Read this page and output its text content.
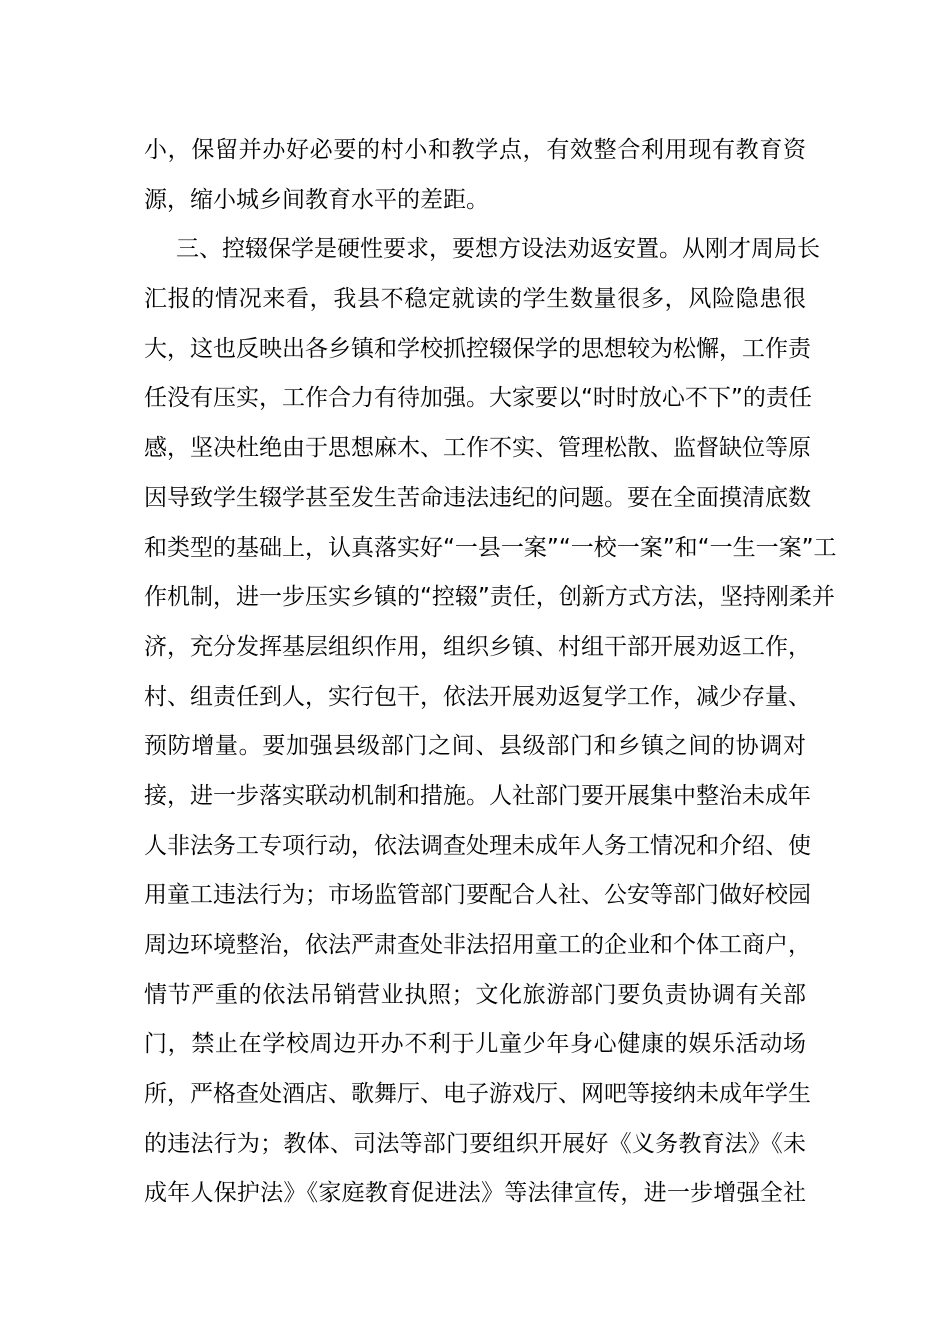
小，保留并办好必要的村小和教学点，有效整合利用现有教育资
源，缩小城乡间教育水平的差距。
三、控辍保学是硬性要求，要想方设法劝返安置。从刚才周局长
汇报的情况来看，我县不稳定就读的学生数量很多，风险隐患很
大，这也反映出各乡镇和学校抓控辍保学的思想较为松懈，工作责
任没有压实，工作合力有待加强。大家要以“时时放心不下”的责任
感，坚决杜绝由于思想麻木、工作不实、管理松散、监督缺位等原
因导致学生辍学甚至发生苦命违法违纪的问题。要在全面摸清底数
和类型的基础上，认真落实好“一县一案”“一校一案”和“一生一案”工
作机制，进一步压实乡镇的“控辍”责任，创新方式方法，坚持刚柔并
济，充分发挥基层组织作用，组织乡镇、村组干部开展劝返工作，
村、组责任到人，实行包干，依法开展劝返复学工作，减少存量、
预防增量。要加强县级部门之间、县级部门和乡镇之间的协调对
接，进一步落实联动机制和措施。人社部门要开展集中整治未成年
人非法务工专项行动，依法调查处理未成年人务工情况和介绍、使
用童工违法行为；市场监管部门要配合人社、公安等部门做好校园
周边环境整治，依法严肃查处非法招用童工的企业和个体工商户，
情节严重的依法吊销营业执照；文化旅游部门要负责协调有关部
门，禁止在学校周边开办不利于儿童少年身心健康的娱乐活动场
所，严格查处酒店、歌舞厅、电子游戏厅、网吧等接纳未成年学生
的违法行为；教体、司法等部门要组织开展好《义务教育法》《未
成年人保护法》《家庭教育促进法》等法律宣传，进一步增强全社
